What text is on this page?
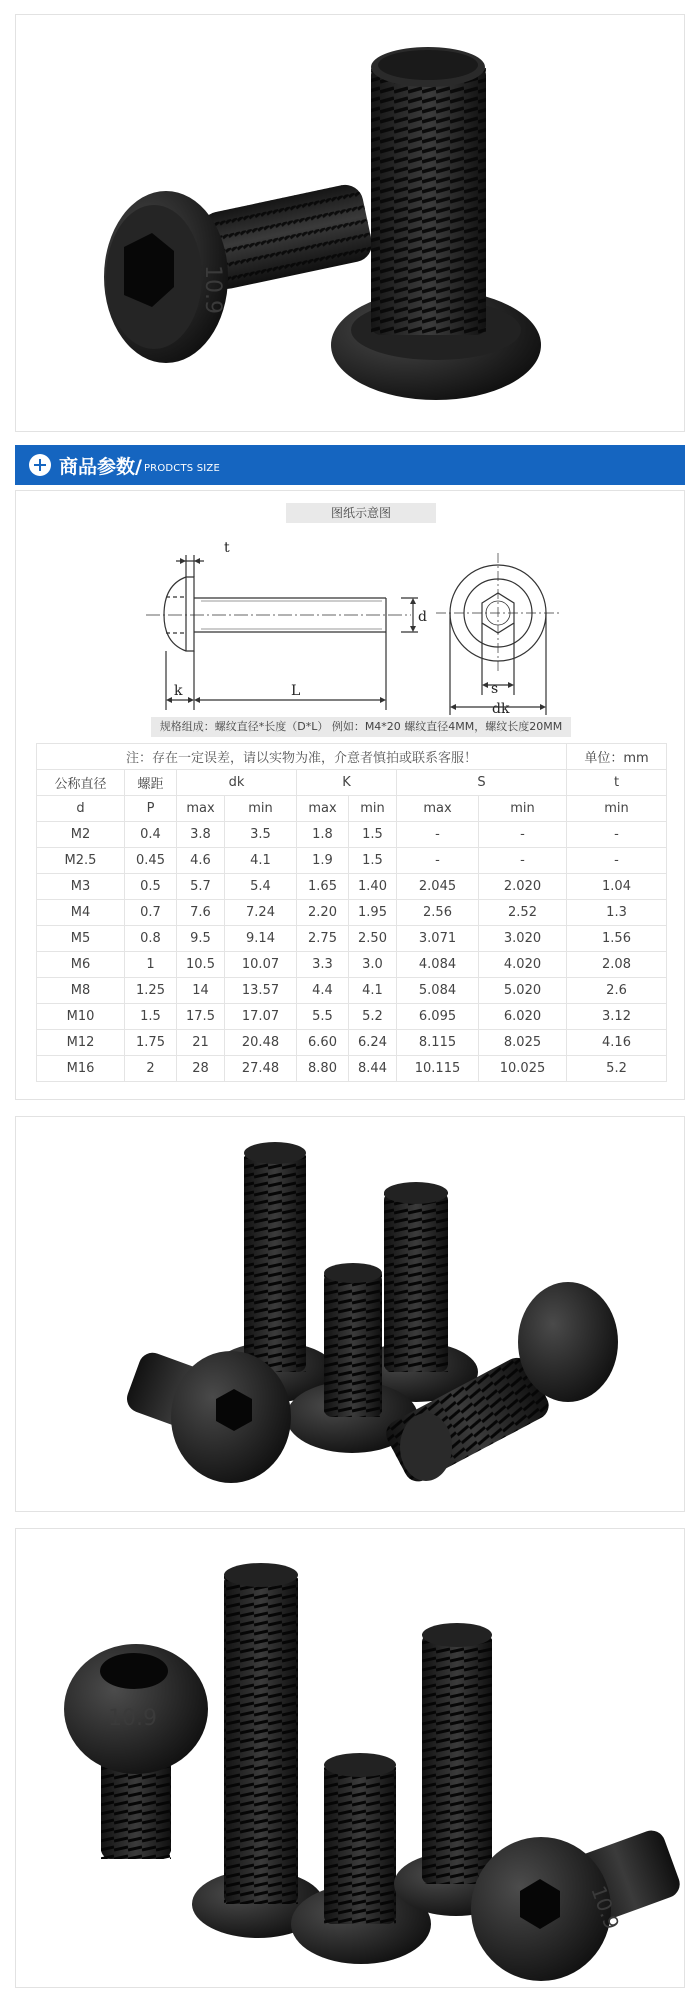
10.9
商品参数/ PRODCTS SIZE
图纸示意图
t
d
k	L	s
dk
规格组成：螺纹直径*长度（D*L） 例如：M4*20 螺纹直径4MM，螺纹长度20MM
注：存在一定误差，请以实物为准，介意者慎拍或联系客服！								单位：mm
公称直径	螺距	dk		K		S		t
d	P	max	min	max	min	max	min	min
M2	0.4	3.8	3.5	1.8	1.5	-	-	-
M2.5	0.45	4.6	4.1	1.9	1.5	-	-	-
M3	0.5	5.7	5.4	1.65	1.40	2.045	2.020	1.04
M4	0.7	7.6	7.24	2.20	1.95	2.56	2.52	1.3
M5	0.8	9.5	9.14	2.75	2.50	3.071	3.020	1.56
M6	1	10.5	10.07	3.3	3.0	4.084	4.020	2.08
M8	1.25	14	13.57	4.4	4.1	5.084	5.020	2.6
M10	1.5	17.5	17.07	5.5	5.2	6.095	6.020	3.12
M12	1.75	21	20.48	6.60	6.24	8.115	8.025	4.16
M16	2	28	27.48	8.80	8.44	10.115	10.025	5.2
10.9
10.9
